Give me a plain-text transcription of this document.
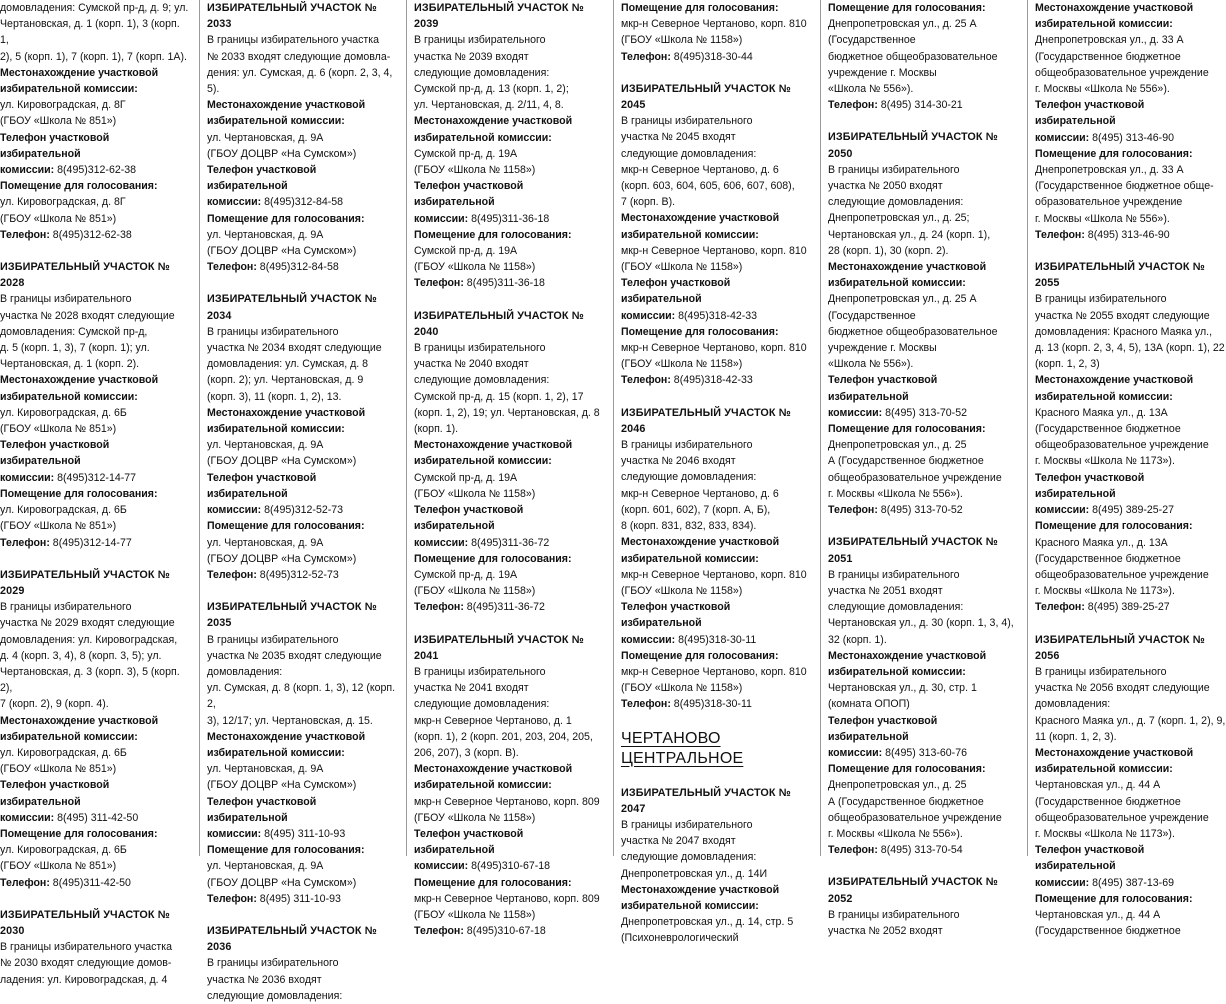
домовладения: Сумской пр-д, д. 9; ул.

Чертановская, д. 1 (корп. 1), 3 (корп. 1,

2), 5 (корп. 1), 7 (корп. 1), 7 (корп. 1А).

Местонахождение участковой

избирательной комиссии:

ул. Кировоградская, д. 8Г

(ГБОУ «Школа № 851»)

Телефон участковой избирательной

комиссии: 8(495)312-62-38

Помещение для голосования:

ул. Кировоградская, д. 8Г

(ГБОУ «Школа № 851»)

Телефон: 8(495)312-62-38

ИЗБИРАТЕЛЬНЫЙ УЧАСТОК № 2028

В границы избирательного

участка № 2028 входят следующие

домовладения: Сумской пр-д,

д. 5 (корп. 1, 3), 7 (корп. 1); ул.

Чертановская, д. 1 (корп. 2).

Местонахождение участковой

избирательной комиссии:

ул. Кировоградская, д. 6Б

(ГБОУ «Школа № 851»)

Телефон участковой избирательной

комиссии: 8(495)312-14-77

Помещение для голосования:

ул. Кировоградская, д. 6Б

(ГБОУ «Школа № 851»)

Телефон: 8(495)312-14-77

ИЗБИРАТЕЛЬНЫЙ УЧАСТОК № 2029

В границы избирательного

участка № 2029 входят следующие

домовладения: ул. Кировоградская,

д. 4 (корп. 3, 4), 8 (корп. 3, 5); ул.

Чертановская, д. 3 (корп. 3), 5 (корп. 2),

7 (корп. 2), 9 (корп. 4).

Местонахождение участковой

избирательной комиссии:

ул. Кировоградская, д. 6Б

(ГБОУ «Школа № 851»)

Телефон участковой избирательной

комиссии: 8(495) 311-42-50

Помещение для голосования:

ул. Кировоградская, д. 6Б

(ГБОУ «Школа № 851»)

Телефон: 8(495)311-42-50

ИЗБИРАТЕЛЬНЫЙ УЧАСТОК № 2030

В границы избирательного участка

№ 2030 входят следующие домов-

ладения: ул. Кировоградская, д. 4

ИЗБИРАТЕЛЬНЫЙ УЧАСТОК № 2033

В границы избирательного участка

№ 2033 входят следующие домовла-

дения: ул. Сумская, д. 6 (корп. 2, 3, 4, 5).

Местонахождение участковой

избирательной комиссии:

ул. Чертановская, д. 9А

(ГБОУ ДОЦВР «На Сумском»)

Телефон участковой избирательной

комиссии: 8(495)312-84-58

Помещение для голосования:

ул. Чертановская, д. 9А

(ГБОУ ДОЦВР «На Сумском»)

Телефон: 8(495)312-84-58

ИЗБИРАТЕЛЬНЫЙ УЧАСТОК № 2034

В границы избирательного

участка № 2034 входят следующие

домовладения: ул. Сумская, д. 8

(корп. 2); ул. Чертановская, д. 9

(корп. 3), 11 (корп. 1, 2), 13.

Местонахождение участковой

избирательной комиссии:

ул. Чертановская, д. 9А

(ГБОУ ДОЦВР «На Сумском»)

Телефон участковой избирательной

комиссии: 8(495)312-52-73

Помещение для голосования:

ул. Чертановская, д. 9А

(ГБОУ ДОЦВР «На Сумском»)

Телефон: 8(495)312-52-73

ИЗБИРАТЕЛЬНЫЙ УЧАСТОК № 2035

В границы избирательного

участка № 2035 входят следующие

домовладения:

ул. Сумская, д. 8 (корп. 1, 3), 12 (корп. 2,

3), 12/17; ул. Чертановская, д. 15.

Местонахождение участковой

избирательной комиссии:

ул. Чертановская, д. 9А

(ГБОУ ДОЦВР «На Сумском»)

Телефон участковой избирательной

комиссии: 8(495) 311-10-93

Помещение для голосования:

ул. Чертановская, д. 9А

(ГБОУ ДОЦВР «На Сумском»)

Телефон: 8(495) 311-10-93

ИЗБИРАТЕЛЬНЫЙ УЧАСТОК № 2036

В границы избирательного

участка № 2036 входят

следующие домовладения:

ИЗБИРАТЕЛЬНЫЙ УЧАСТОК № 2039

В границы избирательного

участка № 2039 входят

следующие домовладения:

Сумской пр-д, д. 13 (корп. 1, 2);

ул. Чертановская, д. 2/11, 4, 8.

Местонахождение участковой

избирательной комиссии:

Сумской пр-д, д. 19А

(ГБОУ «Школа № 1158»)

Телефон участковой избирательной

комиссии: 8(495)311-36-18

Помещение для голосования:

Сумской пр-д, д. 19А

(ГБОУ «Школа № 1158»)

Телефон: 8(495)311-36-18

ИЗБИРАТЕЛЬНЫЙ УЧАСТОК № 2040

В границы избирательного

участка № 2040 входят

следующие домовладения:

Сумской пр-д, д. 15 (корп. 1, 2), 17

(корп. 1, 2), 19; ул. Чертановская, д. 8

(корп. 1).

Местонахождение участковой

избирательной комиссии:

Сумской пр-д, д. 19А

(ГБОУ «Школа № 1158»)

Телефон участковой избирательной

комиссии: 8(495)311-36-72

Помещение для голосования:

Сумской пр-д, д. 19А

(ГБОУ «Школа № 1158»)

Телефон: 8(495)311-36-72

ИЗБИРАТЕЛЬНЫЙ УЧАСТОК № 2041

В границы избирательного

участка № 2041 входят

следующие домовладения:

мкр-н Северное Чертаново, д. 1

(корп. 1), 2 (корп. 201, 203, 204, 205,

206, 207), 3 (корп. В).

Местонахождение участковой

избирательной комиссии:

мкр-н Северное Чертаново, корп. 809

(ГБОУ «Школа № 1158»)

Телефон участковой избирательной

комиссии: 8(495)310-67-18

Помещение для голосования:

мкр-н Северное Чертаново, корп. 809

(ГБОУ «Школа № 1158»)

Телефон: 8(495)310-67-18

Помещение для голосования:

мкр-н Северное Чертаново, корп. 810

(ГБОУ «Школа № 1158»)

Телефон: 8(495)318-30-44

ИЗБИРАТЕЛЬНЫЙ УЧАСТОК № 2045

В границы избирательного

участка № 2045 входят

следующие домовладения:

мкр-н Северное Чертаново, д. 6

(корп. 603, 604, 605, 606, 607, 608),

7 (корп. В).

Местонахождение участковой

избирательной комиссии:

мкр-н Северное Чертаново, корп. 810

(ГБОУ «Школа № 1158»)

Телефон участковой избирательной

комиссии: 8(495)318-42-33

Помещение для голосования:

мкр-н Северное Чертаново, корп. 810

(ГБОУ «Школа № 1158»)

Телефон: 8(495)318-42-33

ИЗБИРАТЕЛЬНЫЙ УЧАСТОК № 2046

В границы избирательного

участка № 2046 входят

следующие домовладения:

мкр-н Северное Чертаново, д. 6

(корп. 601, 602), 7 (корп. А, Б),

8 (корп. 831, 832, 833, 834).

Местонахождение участковой

избирательной комиссии:

мкр-н Северное Чертаново, корп. 810

(ГБОУ «Школа № 1158»)

Телефон участковой избирательной

комиссии: 8(495)318-30-11

Помещение для голосования:

мкр-н Северное Чертаново, корп. 810

(ГБОУ «Школа № 1158»)

Телефон: 8(495)318-30-11

ЧЕРТАНОВО ЦЕНТРАЛЬНОЕ

ИЗБИРАТЕЛЬНЫЙ УЧАСТОК № 2047

В границы избирательного

участка № 2047 входят

следующие домовладения:

Днепропетровская ул., д. 14И

Местонахождение участковой

избирательной комиссии:

Днепропетровская ул., д. 14, стр. 5

(Психоневрологический

Помещение для голосования:

Днепропетровская ул., д. 25 А

(Государственное

бюджетное общеобразовательное

учреждение г. Москвы

«Школа № 556»).

Телефон: 8(495) 314-30-21

ИЗБИРАТЕЛЬНЫЙ УЧАСТОК № 2050

В границы избирательного

участка № 2050 входят

следующие домовладения:

Днепропетровская ул., д. 25;

Чертановская ул., д. 24 (корп. 1),

28 (корп. 1), 30 (корп. 2).

Местонахождение участковой

избирательной комиссии:

Днепропетровская ул., д. 25 А

(Государственное

бюджетное общеобразовательное

учреждение г. Москвы

«Школа № 556»).

Телефон участковой избирательной

комиссии: 8(495) 313-70-52

Помещение для голосования:

Днепропетровская ул., д. 25

А (Государственное бюджетное

общеобразовательное учреждение

г. Москвы «Школа № 556»).

Телефон: 8(495) 313-70-52

ИЗБИРАТЕЛЬНЫЙ УЧАСТОК № 2051

В границы избирательного

участка № 2051 входят

следующие домовладения:

Чертановская ул., д. 30 (корп. 1, 3, 4),

32 (корп. 1).

Местонахождение участковой

избирательной комиссии:

Чертановская ул., д. 30, стр. 1

(комната ОПОП)

Телефон участковой избирательной

комиссии: 8(495) 313-60-76

Помещение для голосования:

Днепропетровская ул., д. 25

А (Государственное бюджетное

общеобразовательное учреждение

г. Москвы «Школа № 556»).

Телефон: 8(495) 313-70-54

ИЗБИРАТЕЛЬНЫЙ УЧАСТОК № 2052

В границы избирательного

участка № 2052 входят

Местонахождение участковой

избирательной комиссии:

Днепропетровская ул., д. 33 А

(Государственное бюджетное

общеобразовательное учреждение

г. Москвы «Школа № 556»).

Телефон участковой избирательной

комиссии: 8(495) 313-46-90

Помещение для голосования:

Днепропетровская ул., д. 33 А

(Государственное бюджетное обще-

образовательное учреждение

г. Москвы «Школа № 556»).

Телефон: 8(495) 313-46-90

ИЗБИРАТЕЛЬНЫЙ УЧАСТОК № 2055

В границы избирательного

участка № 2055 входят следующие

домовладения: Красного Маяка ул.,

д. 13 (корп. 2, 3, 4, 5), 13А (корп. 1), 22

(корп. 1, 2, 3)

Местонахождение участковой

избирательной комиссии:

Красного Маяка ул., д. 13А

(Государственное бюджетное

общеобразовательное учреждение

г. Москвы «Школа № 1173»).

Телефон участковой избирательной

комиссии: 8(495) 389-25-27

Помещение для голосования:

Красного Маяка ул., д. 13А

(Государственное бюджетное

общеобразовательное учреждение

г. Москвы «Школа № 1173»).

Телефон: 8(495) 389-25-27

ИЗБИРАТЕЛЬНЫЙ УЧАСТОК № 2056

В границы избирательного

участка № 2056 входят следующие

домовладения:

Красного Маяка ул., д. 7 (корп. 1, 2), 9,

11 (корп. 1, 2, 3).

Местонахождение участковой

избирательной комиссии:

Чертановская ул., д. 44 А

(Государственное бюджетное

общеобразовательное учреждение

г. Москвы «Школа № 1173»).

Телефон участковой избирательной

комиссии: 8(495) 387-13-69

Помещение для голосования:

Чертановская ул., д. 44 А

(Государственное бюджетное
